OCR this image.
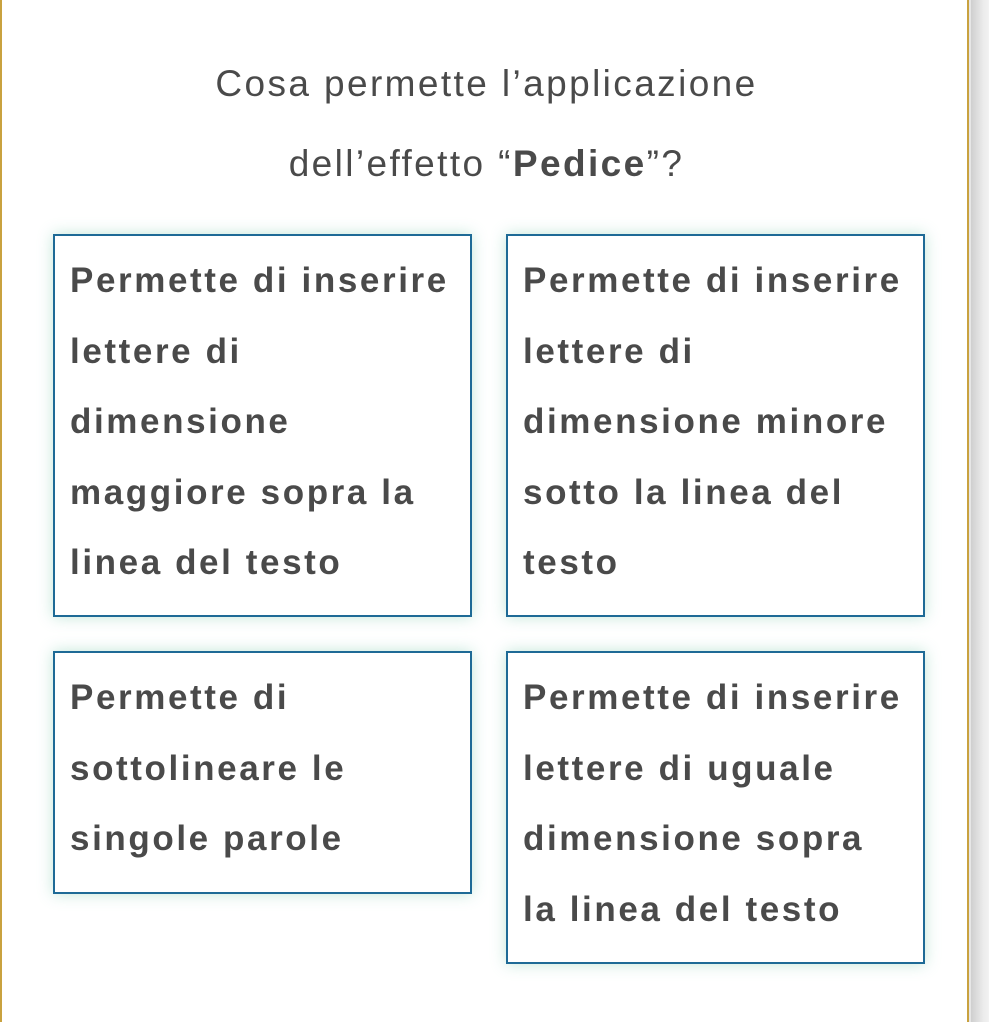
Cosa permette l’applicazione
dell’effetto “Pedice”?
Permette di inserire lettere di dimensione maggiore sopra la linea del testo
Permette di inserire lettere di dimensione minore sotto la linea del testo
Permette di sottolineare le singole parole
Permette di inserire lettere di uguale dimensione sopra la linea del testo
